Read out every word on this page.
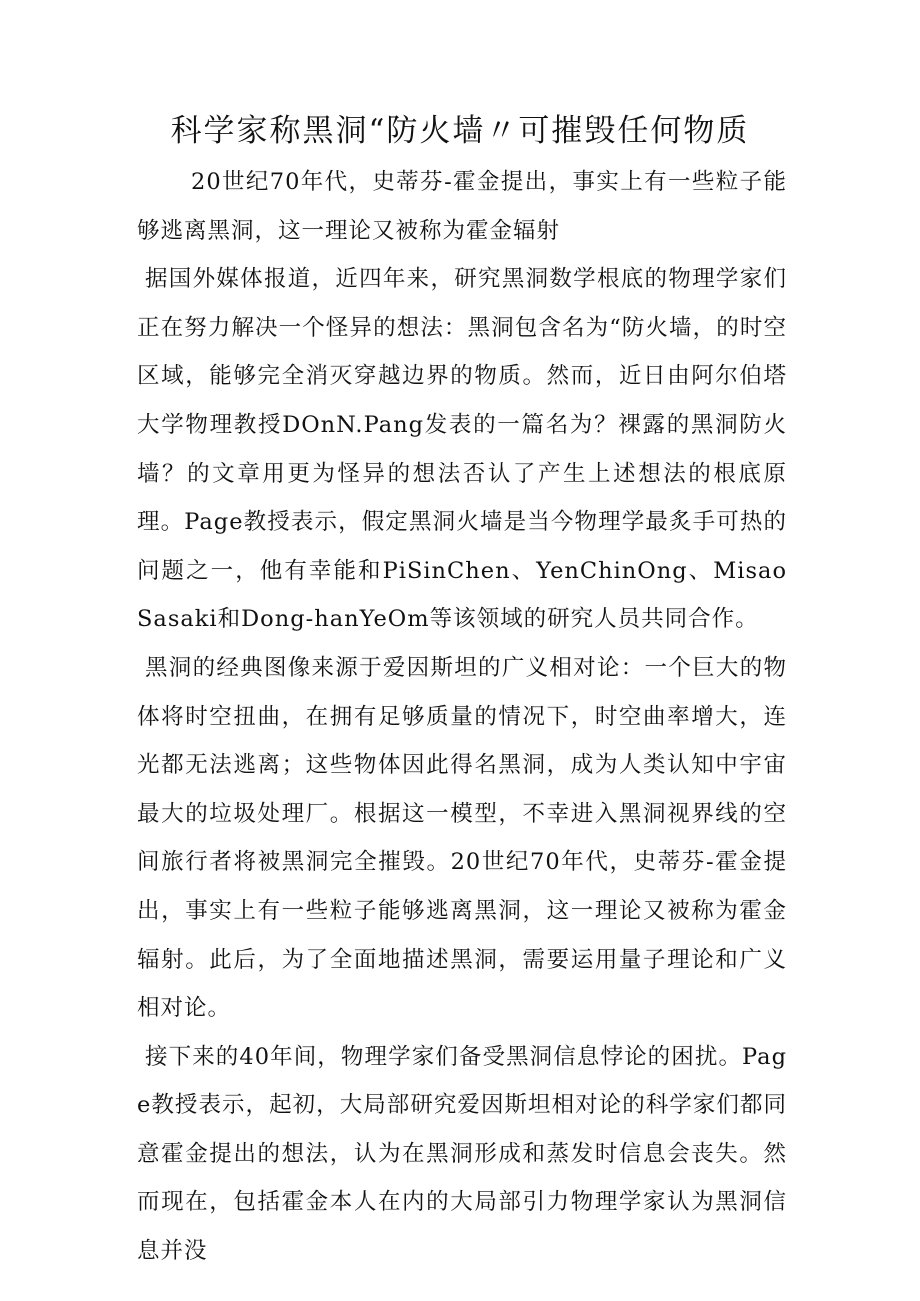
科学家称黑洞“防火墙〃可摧毁任何物质

20世纪70年代，史蒂芬-霍金提出，事实上有一些粒子能够逃离黑洞，这一理论又被称为霍金辐射

据国外媒体报道，近四年来，研究黑洞数学根底的物理学家们正在努力解决一个怪异的想法：黑洞包含名为“防火墙，的时空区域，能够完全消灭穿越边界的物质。然而，近日由阿尔伯塔大学物理教授DOnN.Pang发表的一篇名为？裸露的黑洞防火墙？的文章用更为怪异的想法否认了产生上述想法的根底原理。Page教授表示，假定黑洞火墙是当今物理学最炙手可热的问题之一，他有幸能和PiSinChen、YenChinOng、MisaoSasaki和Dong-hanYeOm等该领域的研究人员共同合作。

黑洞的经典图像来源于爱因斯坦的广义相对论：一个巨大的物体将时空扭曲，在拥有足够质量的情况下，时空曲率增大，连光都无法逃离；这些物体因此得名黑洞，成为人类认知中宇宙最大的垃圾处理厂。根据这一模型，不幸进入黑洞视界线的空间旅行者将被黑洞完全摧毁。20世纪70年代，史蒂芬-霍金提出，事实上有一些粒子能够逃离黑洞，这一理论又被称为霍金辐射。此后，为了全面地描述黑洞，需要运用量子理论和广义相对论。

接下来的40年间，物理学家们备受黑洞信息悖论的困扰。Page教授表示，起初，大局部研究爱因斯坦相对论的科学家们都同意霍金提出的想法，认为在黑洞形成和蒸发时信息会丧失。然而现在，包括霍金本人在内的大局部引力物理学家认为黑洞信息并没
